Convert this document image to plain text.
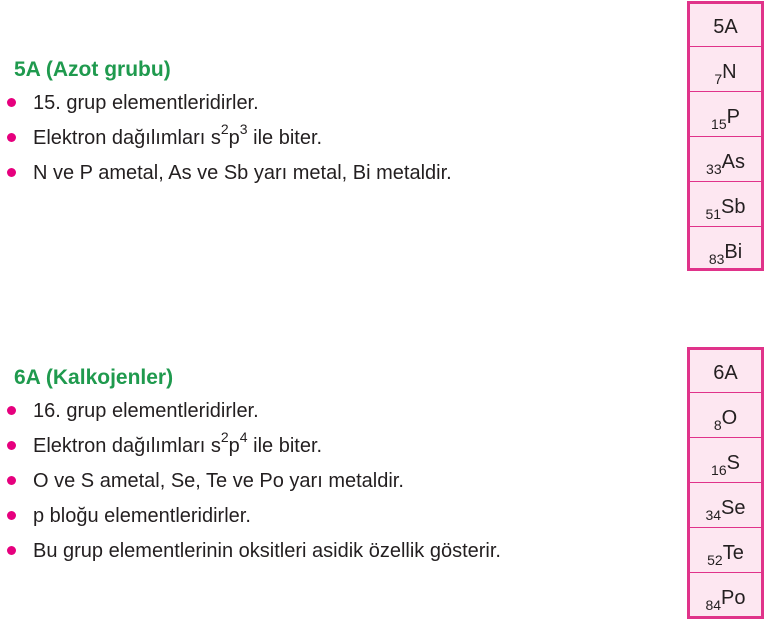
5A (Azot grubu)
15. grup elementleridirler.
Elektron dağılımları $s^2p^3$ ile biter.
N ve P ametal, As ve Sb yarı metal, Bi metaldir.
5A
$_7$N
$_{15}$P
$_{33}$As
$_{51}$Sb
$_{83}$Bi
6A (Kalkojenler)
16. grup elementleridirler.
Elektron dağılımları $s^2p^4$ ile biter.
O ve S ametal, Se, Te ve Po yarı metaldir.
p bloğu elementleridirler.
Bu grup elementlerinin oksitleri asidik özellik gösterir.
6A
$_8$O
$_{16}$S
$_{34}$Se
$_{52}$Te
$_{84}$Po
